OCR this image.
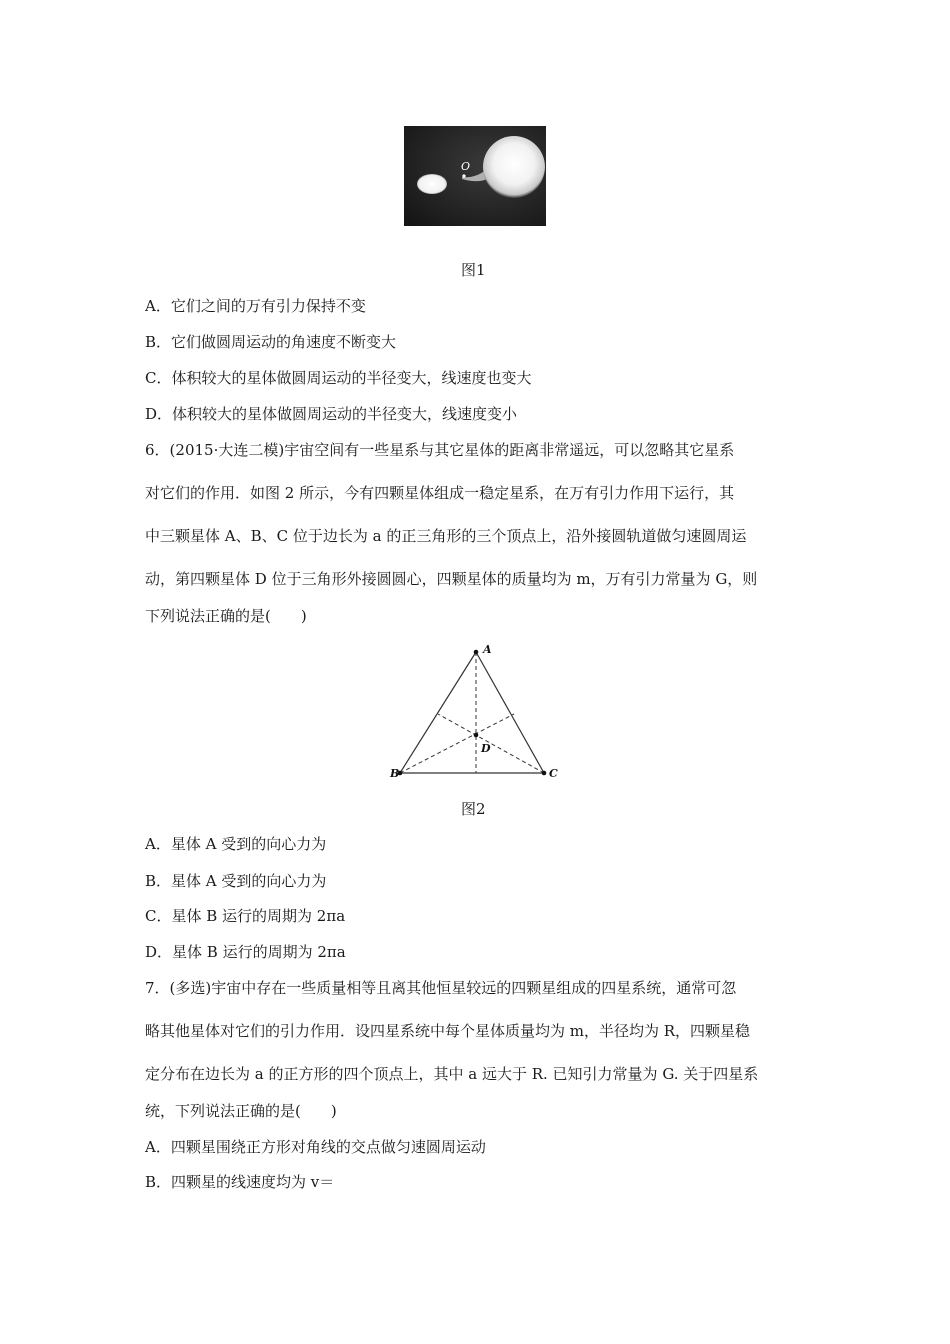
O
图1
A．它们之间的万有引力保持不变
B．它们做圆周运动的角速度不断变大
C．体积较大的星体做圆周运动的半径变大，线速度也变大
D．体积较大的星体做圆周运动的半径变大，线速度变小
6．(2015·大连二模)宇宙空间有一些星系与其它星体的距离非常遥远，可以忽略其它星系
对它们的作用．如图 2 所示，今有四颗星体组成一稳定星系，在万有引力作用下运行，其
中三颗星体 A、B、C 位于边长为 a 的正三角形的三个顶点上，沿外接圆轨道做匀速圆周运
动，第四颗星体 D 位于三角形外接圆圆心，四颗星体的质量均为 m，万有引力常量为 G，则
下列说法正确的是(　　)
A
B	C
D
图2
A．星体 A 受到的向心力为
B．星体 A 受到的向心力为
C．星体 B 运行的周期为 2πa
D．星体 B 运行的周期为 2πa
7．(多选)宇宙中存在一些质量相等且离其他恒星较远的四颗星组成的四星系统，通常可忽
略其他星体对它们的引力作用．设四星系统中每个星体质量均为 m，半径均为 R，四颗星稳
定分布在边长为 a 的正方形的四个顶点上，其中 a 远大于 R. 已知引力常量为 G. 关于四星系
统，下列说法正确的是(　　)
A．四颗星围绕正方形对角线的交点做匀速圆周运动
B．四颗星的线速度均为 v＝
